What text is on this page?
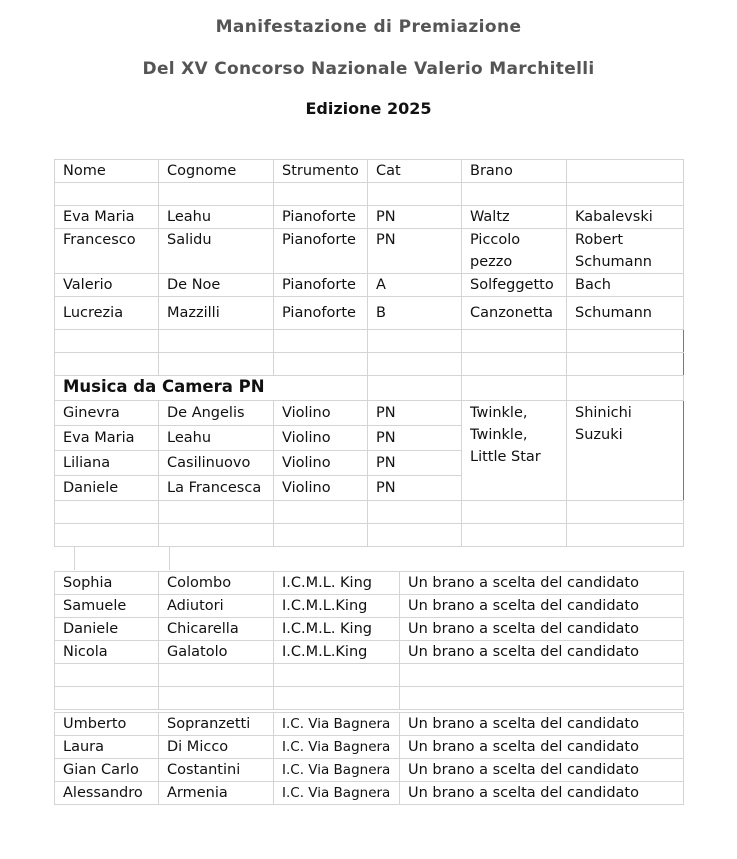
Manifestazione di Premiazione
Del XV Concorso Nazionale Valerio Marchitelli
Edizione 2025
Nome	Cognome	Strumento	Cat	Brano	

Eva Maria	Leahu	Pianoforte	PN	Waltz	Kabalevski
Francesco	Salidu	Pianoforte	PN	Piccolo pezzo	Robert Schumann
Valerio	De Noe	Pianoforte	A	Solfeggetto	Bach
Lucrezia	Mazzilli	Pianoforte	B	Canzonetta	Schumann

Musica da Camera PN					
Ginevra	De Angelis	Violino	PN	Twinkle, Twinkle, Little Star	Shinichi Suzuki
Eva Maria	Leahu	Violino	PN		
Liliana	Casilinuovo	Violino	PN		
Daniele	La Francesca	Violino	PN		

Sophia	Colombo	I.C.M.L. King	Un brano a scelta del candidato
Samuele	Adiutori	I.C.M.L.King	Un brano a scelta del candidato
Daniele	Chicarella	I.C.M.L. King	Un brano a scelta del candidato
Nicola	Galatolo	I.C.M.L.King	Un brano a scelta del candidato

Umberto	Sopranzetti	I.C. Via Bagnera	Un brano a scelta del candidato
Laura	Di Micco	I.C. Via Bagnera	Un brano a scelta del candidato
Gian Carlo	Costantini	I.C. Via Bagnera	Un brano a scelta del candidato
Alessandro	Armenia	I.C. Via Bagnera	Un brano a scelta del candidato
